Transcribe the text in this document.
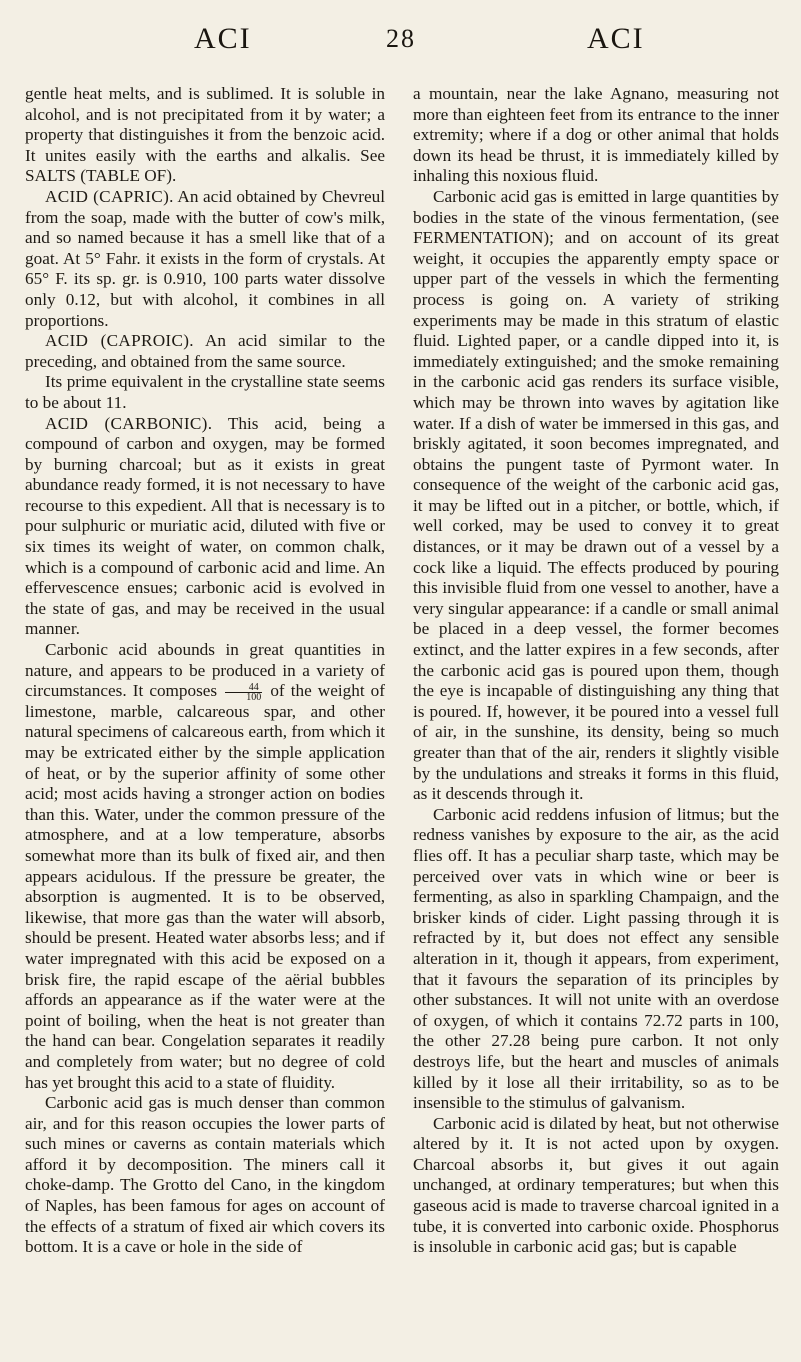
ACI	28	ACI

gentle heat melts, and is sublimed. It is soluble in alcohol, and is not precipitated from it by water; a property that distinguishes it from the benzoic acid. It unites easily with the earths and alkalis. See SALTS (TABLE OF).

ACID (CAPRIC). An acid obtained by Chevreul from the soap, made with the butter of cow's milk, and so named because it has a smell like that of a goat. At 5° Fahr. it exists in the form of crystals. At 65° F. its sp. gr. is 0.910, 100 parts water dissolve only 0.12, but with alcohol, it combines in all proportions.

ACID (CAPROIC). An acid similar to the preceding, and obtained from the same source.

Its prime equivalent in the crystalline state seems to be about 11.

ACID (CARBONIC). This acid, being a compound of carbon and oxygen, may be formed by burning charcoal; but as it exists in great abundance ready formed, it is not necessary to have recourse to this expedient. All that is necessary is to pour sulphuric or muriatic acid, diluted with five or six times its weight of water, on common chalk, which is a compound of carbonic acid and lime. An effervescence ensues; carbonic acid is evolved in the state of gas, and may be received in the usual manner.

Carbonic acid abounds in great quantities in nature, and appears to be produced in a variety of circumstances. It composes $\frac{44}{100}$ of the weight of limestone, marble, calcareous spar, and other natural specimens of calcareous earth, from which it may be extricated either by the simple application of heat, or by the superior affinity of some other acid; most acids having a stronger action on bodies than this. Water, under the common pressure of the atmosphere, and at a low temperature, absorbs somewhat more than its bulk of fixed air, and then appears acidulous. If the pressure be greater, the absorption is augmented. It is to be observed, likewise, that more gas than the water will absorb, should be present. Heated water absorbs less; and if water impregnated with this acid be exposed on a brisk fire, the rapid escape of the aërial bubbles affords an appearance as if the water were at the point of boiling, when the heat is not greater than the hand can bear. Congelation separates it readily and completely from water; but no degree of cold has yet brought this acid to a state of fluidity.

Carbonic acid gas is much denser than common air, and for this reason occupies the lower parts of such mines or caverns as contain materials which afford it by decomposition. The miners call it choke-damp. The Grotto del Cano, in the kingdom of Naples, has been famous for ages on account of the effects of a stratum of fixed air which covers its bottom. It is a cave or hole in the side of

a mountain, near the lake Agnano, measuring not more than eighteen feet from its entrance to the inner extremity; where if a dog or other animal that holds down its head be thrust, it is immediately killed by inhaling this noxious fluid.

Carbonic acid gas is emitted in large quantities by bodies in the state of the vinous fermentation, (see FERMENTATION); and on account of its great weight, it occupies the apparently empty space or upper part of the vessels in which the fermenting process is going on. A variety of striking experiments may be made in this stratum of elastic fluid. Lighted paper, or a candle dipped into it, is immediately extinguished; and the smoke remaining in the carbonic acid gas renders its surface visible, which may be thrown into waves by agitation like water. If a dish of water be immersed in this gas, and briskly agitated, it soon becomes impregnated, and obtains the pungent taste of Pyrmont water. In consequence of the weight of the carbonic acid gas, it may be lifted out in a pitcher, or bottle, which, if well corked, may be used to convey it to great distances, or it may be drawn out of a vessel by a cock like a liquid. The effects produced by pouring this invisible fluid from one vessel to another, have a very singular appearance: if a candle or small animal be placed in a deep vessel, the former becomes extinct, and the latter expires in a few seconds, after the carbonic acid gas is poured upon them, though the eye is incapable of distinguishing any thing that is poured. If, however, it be poured into a vessel full of air, in the sunshine, its density, being so much greater than that of the air, renders it slightly visible by the undulations and streaks it forms in this fluid, as it descends through it.

Carbonic acid reddens infusion of litmus; but the redness vanishes by exposure to the air, as the acid flies off. It has a peculiar sharp taste, which may be perceived over vats in which wine or beer is fermenting, as also in sparkling Champaign, and the brisker kinds of cider. Light passing through it is refracted by it, but does not effect any sensible alteration in it, though it appears, from experiment, that it favours the separation of its principles by other substances. It will not unite with an overdose of oxygen, of which it contains 72.72 parts in 100, the other 27.28 being pure carbon. It not only destroys life, but the heart and muscles of animals killed by it lose all their irritability, so as to be insensible to the stimulus of galvanism.

Carbonic acid is dilated by heat, but not otherwise altered by it. It is not acted upon by oxygen. Charcoal absorbs it, but gives it out again unchanged, at ordinary temperatures; but when this gaseous acid is made to traverse charcoal ignited in a tube, it is converted into carbonic oxide. Phosphorus is insoluble in carbonic acid gas; but is capable
